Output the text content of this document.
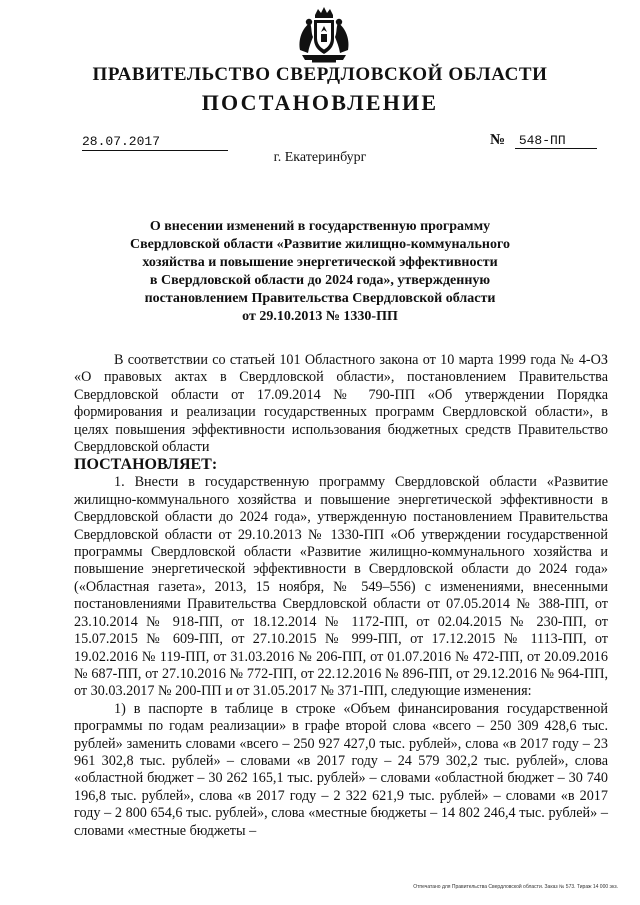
ПРАВИТЕЛЬСТВО СВЕРДЛОВСКОЙ ОБЛАСТИ
ПОСТАНОВЛЕНИЕ
28.07.2017	№ 548-ПП
г. Екатеринбург
О внесении изменений в государственную программу
Свердловской области «Развитие жилищно-коммунального
хозяйства и повышение энергетической эффективности
в Свердловской области до 2024 года», утвержденную
постановлением Правительства Свердловской области
от 29.10.2013 № 1330-ПП

В соответствии со статьей 101 Областного закона от 10 марта 1999 года № 4-ОЗ «О правовых актах в Свердловской области», постановлением Правительства Свердловской области от 17.09.2014 № 790-ПП «Об утверждении Порядка формирования и реализации государственных программ Свердловской области», в целях повышения эффективности использования бюджетных средств Правительство Свердловской области

ПОСТАНОВЛЯЕТ:

1. Внести в государственную программу Свердловской области «Развитие жилищно-коммунального хозяйства и повышение энергетической эффективности в Свердловской области до 2024 года», утвержденную постановлением Правительства Свердловской области от 29.10.2013 № 1330-ПП «Об утверждении государственной программы Свердловской области «Развитие жилищно-коммунального хозяйства и повышение энергетической эффективности в Свердловской области до 2024 года» («Областная газета», 2013, 15 ноября, № 549–556) с изменениями, внесенными постановлениями Правительства Свердловской области от 07.05.2014 № 388-ПП, от 23.10.2014 № 918-ПП, от 18.12.2014 № 1172-ПП, от 02.04.2015 № 230-ПП, от 15.07.2015 № 609-ПП, от 27.10.2015 № 999-ПП, от 17.12.2015 № 1113-ПП, от 19.02.2016 № 119-ПП, от 31.03.2016 № 206-ПП, от 01.07.2016 № 472-ПП, от 20.09.2016 № 687-ПП, от 27.10.2016 № 772-ПП, от 22.12.2016 № 896-ПП, от 29.12.2016 № 964-ПП, от 30.03.2017 № 200-ПП и от 31.05.2017 № 371-ПП, следующие изменения:

1) в паспорте в таблице в строке «Объем финансирования государственной программы по годам реализации» в графе второй слова «всего – 250 309 428,6 тыс. рублей» заменить словами «всего – 250 927 427,0 тыс. рублей», слова «в 2017 году – 23 961 302,8 тыс. рублей» – словами «в 2017 году – 24 579 302,2 тыс. рублей», слова «областной бюджет – 30 262 165,1 тыс. рублей» – словами «областной бюджет – 30 740 196,8 тыс. рублей», слова «в 2017 году – 2 322 621,9 тыс. рублей» – словами «в 2017 году – 2 800 654,6 тыс. рублей», слова «местные бюджеты – 14 802 246,4 тыс. рублей» – словами «местные бюджеты –

Отпечатано для Правительства Свердловской области. Заказ № 573. Тираж 14 000 экз.
